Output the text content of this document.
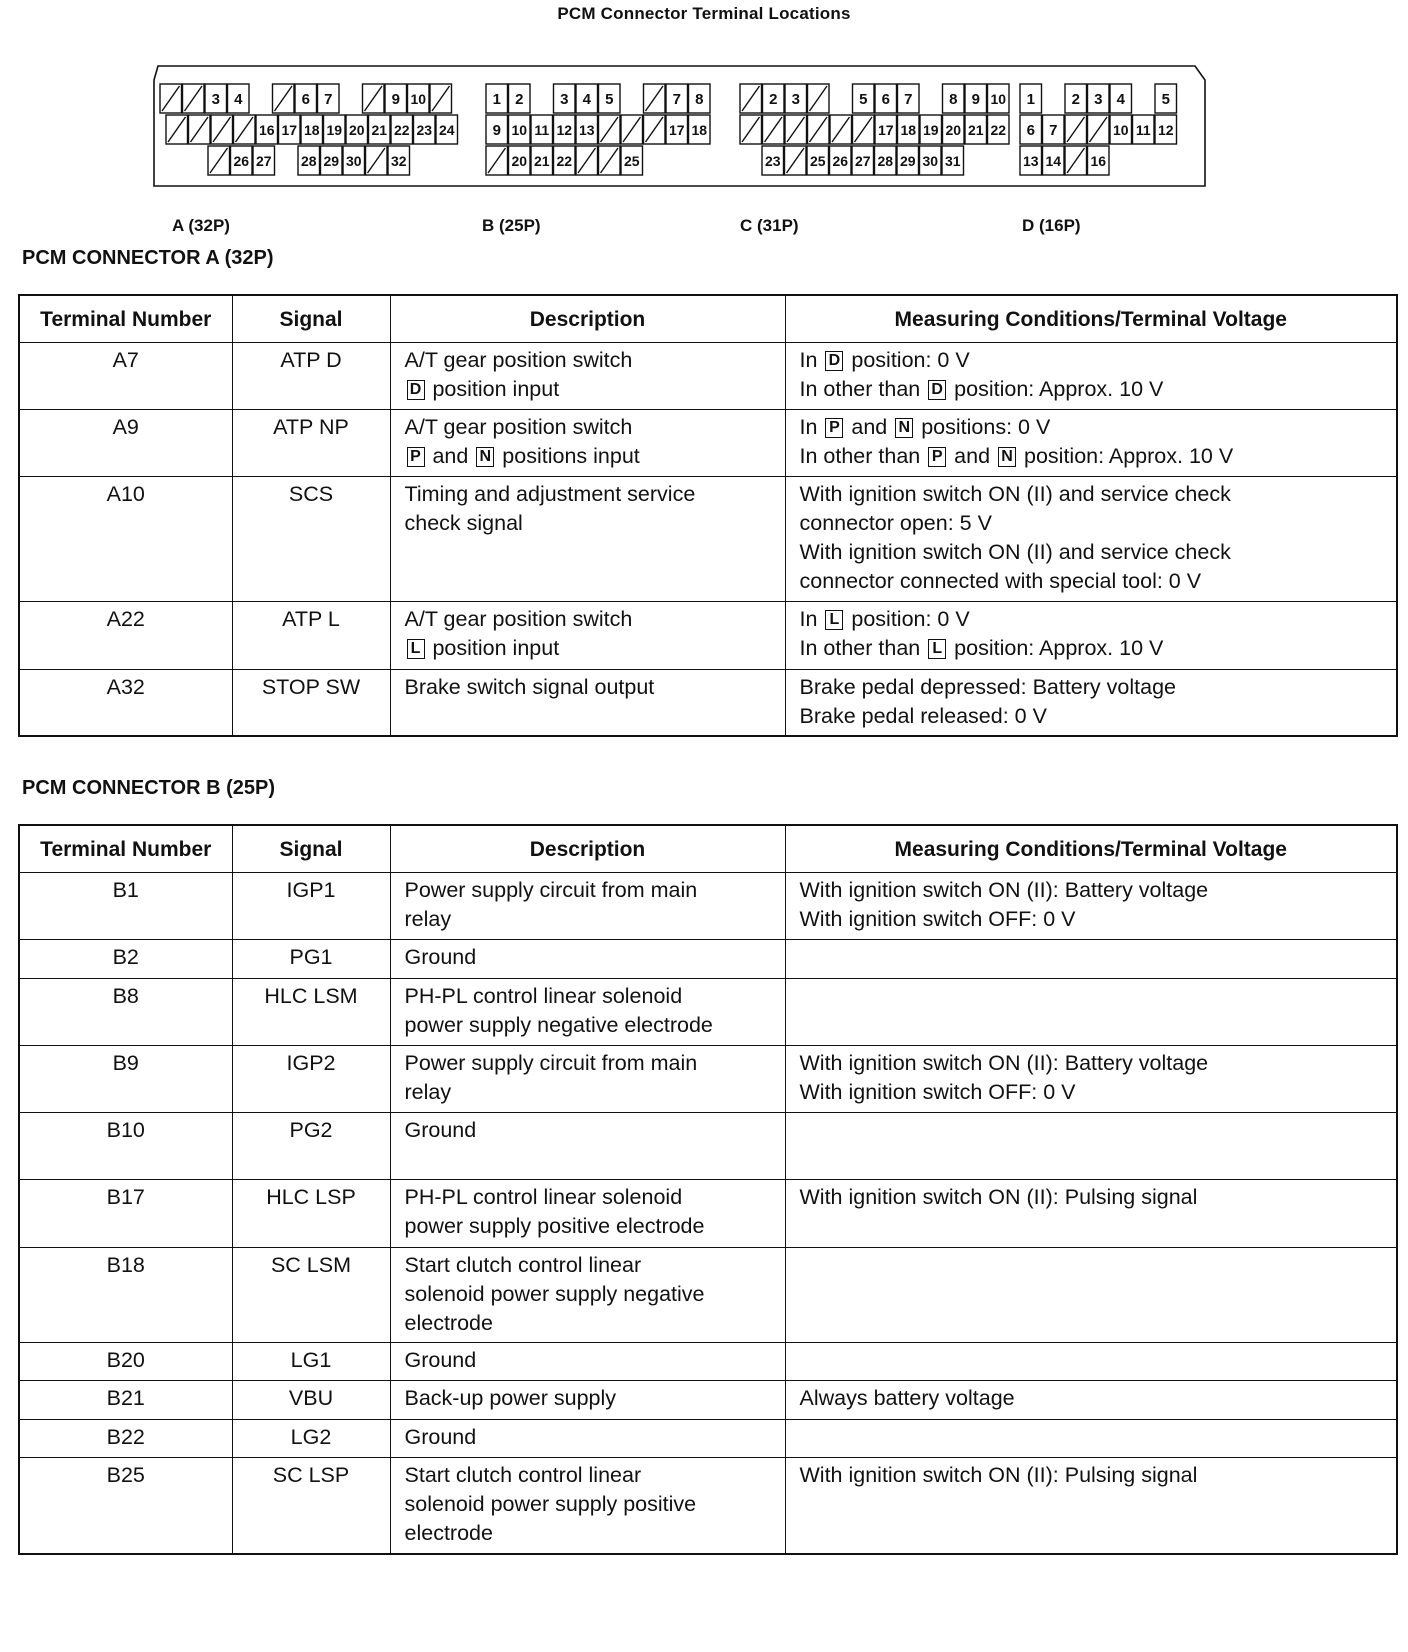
PCM Connector Terminal Locations
3 4	6 7	9 10
16 17 18 19 20 21 22 23 24
26 27 28 29 30 32
1 2 3 4 5	7 8
9 10 11 12 13	17 18
20 21 22	25
2 3	5 6 7 8 9 10
17 18 19 20 21 22
23 25 26 27 28 29 30 31
1 2 3 4 5
6 7	10 11 12
13 14 16
A (32P)	B (25P)	C (31P)	D (16P)
PCM CONNECTOR A (32P)
Terminal Number	Signal	Description	Measuring Conditions/Terminal Voltage
A7	ATP D	A/T gear position switch
D position input	In D position: 0 V
In other than D position: Approx. 10 V

A9	ATP NP	A/T gear position switch
P and N positions input	In P and N positions: 0 V
In other than P and N position: Approx. 10 V

A10	SCS	Timing and adjustment service
check signal	With ignition switch ON (II) and service check
connector open: 5 V
With ignition switch ON (II) and service check
connector connected with special tool: 0 V

A22	ATP L	A/T gear position switch
L position input	In L position: 0 V
In other than L position: Approx. 10 V

A32	STOP SW	Brake switch signal output	Brake pedal depressed: Battery voltage
Brake pedal released: 0 V
PCM CONNECTOR B (25P)
Terminal Number	Signal	Description	Measuring Conditions/Terminal Voltage
B1	IGP1	Power supply circuit from main
relay	With ignition switch ON (II): Battery voltage
With ignition switch OFF: 0 V

B2	PG1	Ground	

B8	HLC LSM	PH-PL control linear solenoid
power supply negative electrode	

B9	IGP2	Power supply circuit from main
relay	With ignition switch ON (II): Battery voltage
With ignition switch OFF: 0 V

B10	PG2	Ground	

B17	HLC LSP	PH-PL control linear solenoid
power supply positive electrode	With ignition switch ON (II): Pulsing signal

B18	SC LSM	Start clutch control linear
solenoid power supply negative
electrode	

B20	LG1	Ground	

B21	VBU	Back-up power supply	Always battery voltage

B22	LG2	Ground	

B25	SC LSP	Start clutch control linear
solenoid power supply positive
electrode	With ignition switch ON (II): Pulsing signal
